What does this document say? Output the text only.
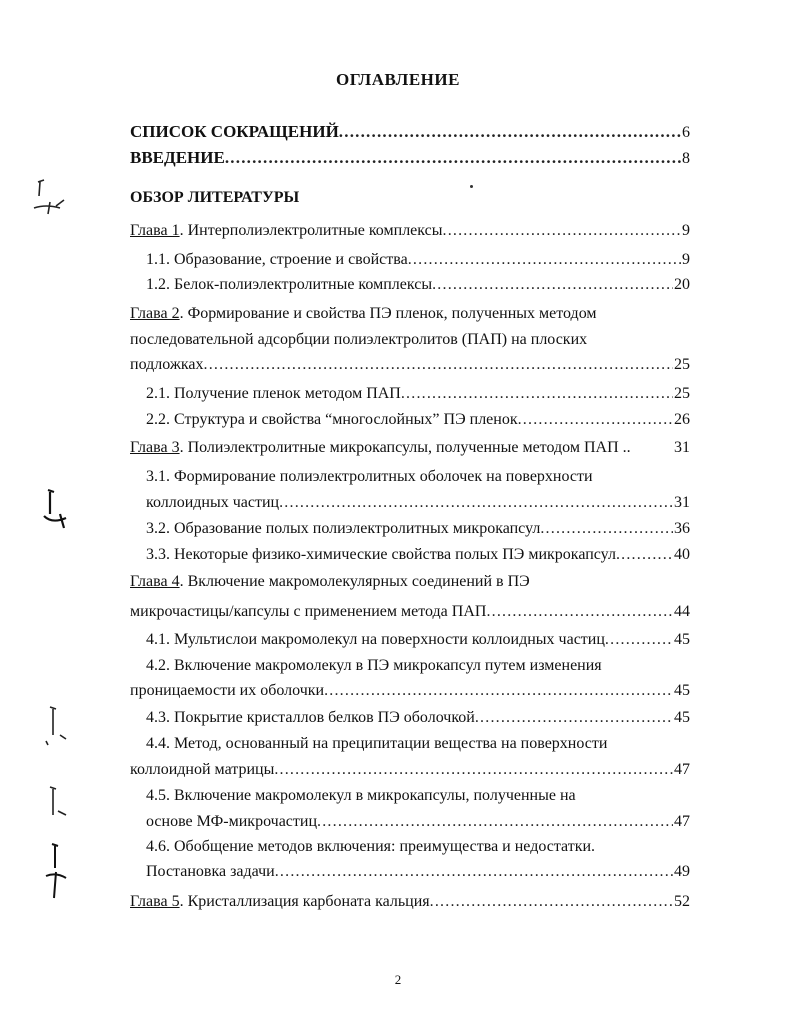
ОГЛАВЛЕНИЕ
СПИСОК СОКРАЩЕНИЙ .....	6
ВВЕДЕНИЕ .....	8
ОБЗОР ЛИТЕРАТУРЫ
Глава 1. Интерполиэлектролитные комплексы .....	9
1.1. Образование, строение и свойства .....	9
1.2. Белок-полиэлектролитные комплексы .....	20
Глава 2. Формирование и свойства ПЭ пленок, полученных методом
последовательной адсорбции полиэлектролитов (ПАП) на плоских
подложках .....	25
2.1. Получение пленок методом ПАП .....	25
2.2. Структура и свойства “многослойных” ПЭ пленок .....	26
Глава 3. Полиэлектролитные микрокапсулы, полученные методом ПАП ..	31
3.1. Формирование полиэлектролитных оболочек на поверхности
коллоидных частиц .....	31
3.2. Образование полых полиэлектролитных микрокапсул .....	36
3.3. Некоторые физико-химические свойства полых ПЭ микрокапсул .....	40
Глава 4. Включение макромолекулярных соединений в ПЭ
микрочастицы/капсулы с применением метода ПАП .....	44
4.1. Мультислои макромолекул на поверхности коллоидных частиц .....	45
4.2. Включение макромолекул в ПЭ микрокапсул путем изменения
проницаемости их оболочки .....	45
4.3. Покрытие кристаллов белков ПЭ оболочкой .....	45
4.4. Метод, основанный на преципитации вещества на поверхности
коллоидной матрицы .....	47
4.5. Включение макромолекул в микрокапсулы, полученные на
основе МФ-микрочастиц .....	47
4.6. Обобщение методов включения: преимущества и недостатки.
Постановка задачи .....	49
Глава 5. Кристаллизация карбоната кальция .....	52
2
